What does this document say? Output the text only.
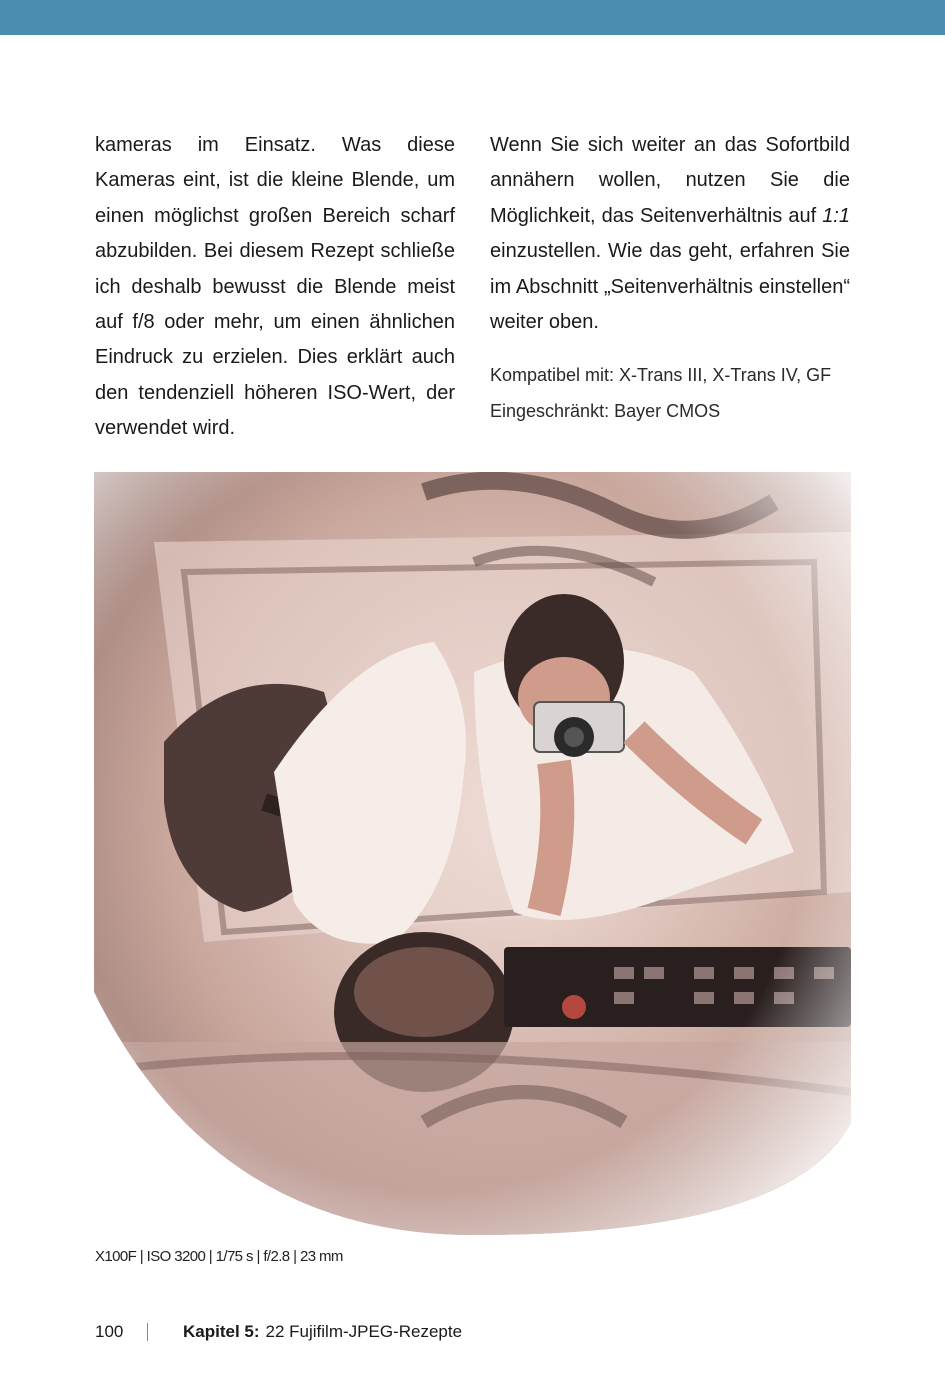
kameras im Einsatz. Was diese Kameras eint, ist die kleine Blende, um einen möglichst großen Bereich scharf abzubilden. Bei diesem Rezept schließe ich deshalb bewusst die Blende meist auf f/8 oder mehr, um einen ähnlichen Eindruck zu erzielen. Dies erklärt auch den tendenziell höheren ISO-Wert, der verwendet wird.

Wenn Sie sich weiter an das Sofortbild annähern wollen, nutzen Sie die Möglichkeit, das Seitenverhältnis auf 1:1 einzustellen. Wie das geht, erfahren Sie im Abschnitt „Seitenverhältnis einstellen“ weiter oben.

Kompatibel mit: X-Trans III, X-Trans IV, GF
Eingeschränkt: Bayer CMOS

X100F | ISO 3200 | 1/75 s | f/2.8 | 23 mm
100	Kapitel 5: 22 Fujifilm-JPEG-Rezepte
